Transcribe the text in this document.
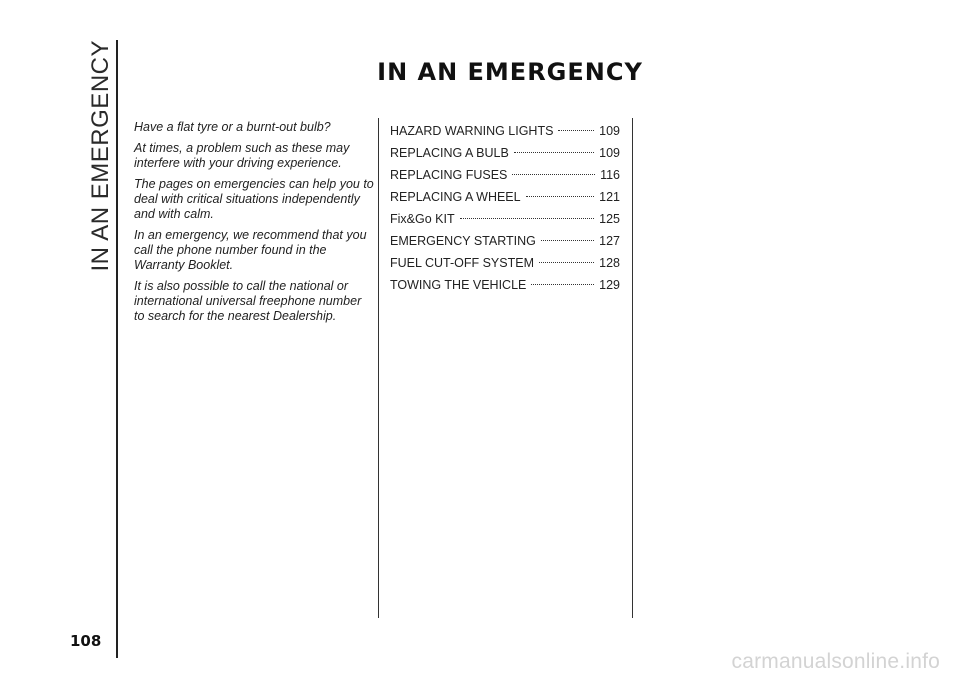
IN AN EMERGENCY	IN AN EMERGENCY

Have a flat tyre or a burnt-out bulb?

At times, a problem such as these may interfere with your driving experience.

The pages on emergencies can help you to deal with critical situations independently and with calm.

In an emergency, we recommend that you call the phone number found in the Warranty Booklet.

It is also possible to call the national or international universal freephone number to search for the nearest Dealership.

HAZARD WARNING LIGHTS	109
REPLACING A BULB	109
REPLACING FUSES	116
REPLACING A WHEEL	121
Fix&Go KIT	125
EMERGENCY STARTING	127
FUEL CUT-OFF SYSTEM	128
TOWING THE VEHICLE	129
108
carmanualsonline.info
